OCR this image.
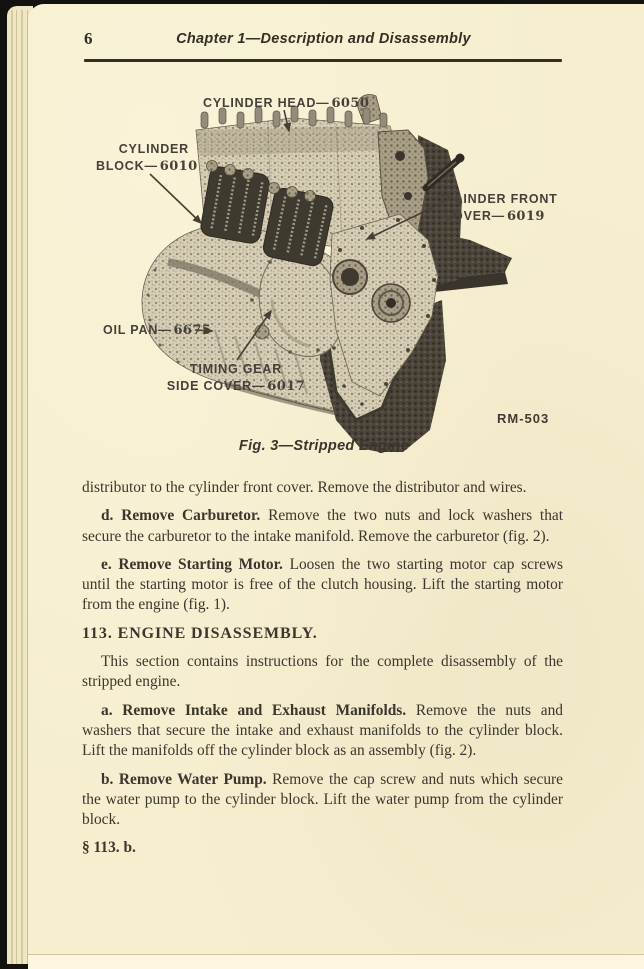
6	Chapter 1—Description and Disassembly
CYLINDER HEAD— 6050
CYLINDER
BLOCK— 6010
CYLINDER FRONT
COVER— 6019
OIL PAN— 6675
TIMING GEAR
SIDE COVER— 6017
RM-503
Fig. 3—Stripped Engine

distributor to the cylinder front cover. Remove the distributor and wires.

d. Remove Carburetor. Remove the two nuts and lock washers that secure the carburetor to the intake manifold. Remove the carburetor (fig. 2).

e. Remove Starting Motor. Loosen the two starting motor cap screws until the starting motor is free of the clutch housing. Lift the starting motor from the engine (fig. 1).

113. ENGINE DISASSEMBLY.

This section contains instructions for the complete disassembly of the stripped engine.

a. Remove Intake and Exhaust Manifolds. Remove the nuts and washers that secure the intake and exhaust manifolds to the cylinder block. Lift the manifolds off the cylinder block as an assembly (fig. 2).

b. Remove Water Pump. Remove the cap screw and nuts which secure the water pump to the cylinder block. Lift the water pump from the cylinder block.

§ 113. b.
